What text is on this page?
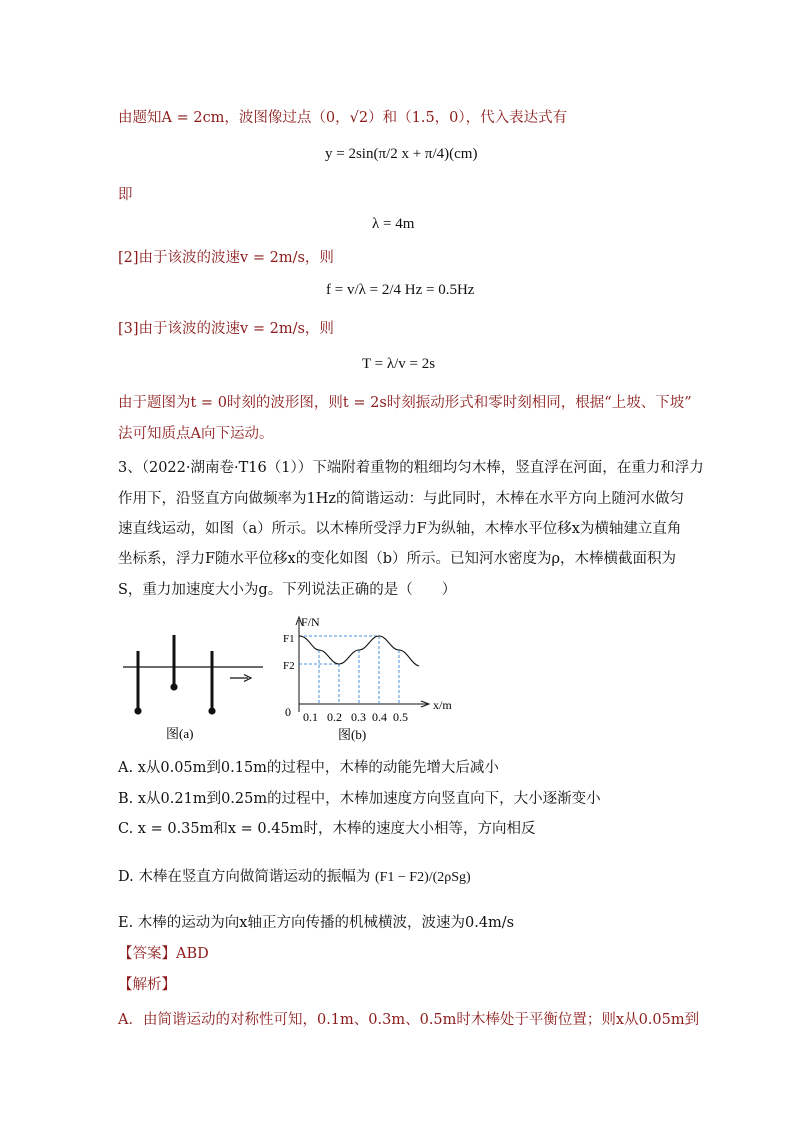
由题知A = 2cm，波图像过点（0，√2）和（1.5，0），代入表达式有
y = 2sin(π/2 x + π/4)(cm)
即
λ = 4m
[2]由于该波的波速v = 2m/s，则
f = v/λ = 2/4 Hz = 0.5Hz
[3]由于该波的波速v = 2m/s，则
T = λ/v = 2s
由于题图为t = 0时刻的波形图，则t = 2s时刻振动形式和零时刻相同，根据“上坡、下坡”
法可知质点A向下运动。
3、（2022·湖南卷·T16（1））下端附着重物的粗细均匀木棒，竖直浮在河面，在重力和浮力
作用下，沿竖直方向做频率为1Hz的简谐运动：与此同时，木棒在水平方向上随河水做匀
速直线运动，如图（a）所示。以木棒所受浮力F为纵轴，木棒水平位移x为横轴建立直角
坐标系，浮力F随水平位移x的变化如图（b）所示。已知河水密度为ρ，木棒横截面积为
S，重力加速度大小为g。下列说法正确的是（　　）
图(a)
F/N
x/m
0
F1
F2
0.1 0.2 0.3 0.4 0.5
图(b)
A. x从0.05m到0.15m的过程中，木棒的动能先增大后减小
B. x从0.21m到0.25m的过程中，木棒加速度方向竖直向下，大小逐渐变小
C. x = 0.35m和x = 0.45m时，木棒的速度大小相等，方向相反
D. 木棒在竖直方向做简谐运动的振幅为 (F1 − F2)/(2ρSg)
E. 木棒的运动为向x轴正方向传播的机械横波，波速为0.4m/s
【答案】ABD
【解析】
A．由简谐运动的对称性可知，0.1m、0.3m、0.5m时木棒处于平衡位置；则x从0.05m到
